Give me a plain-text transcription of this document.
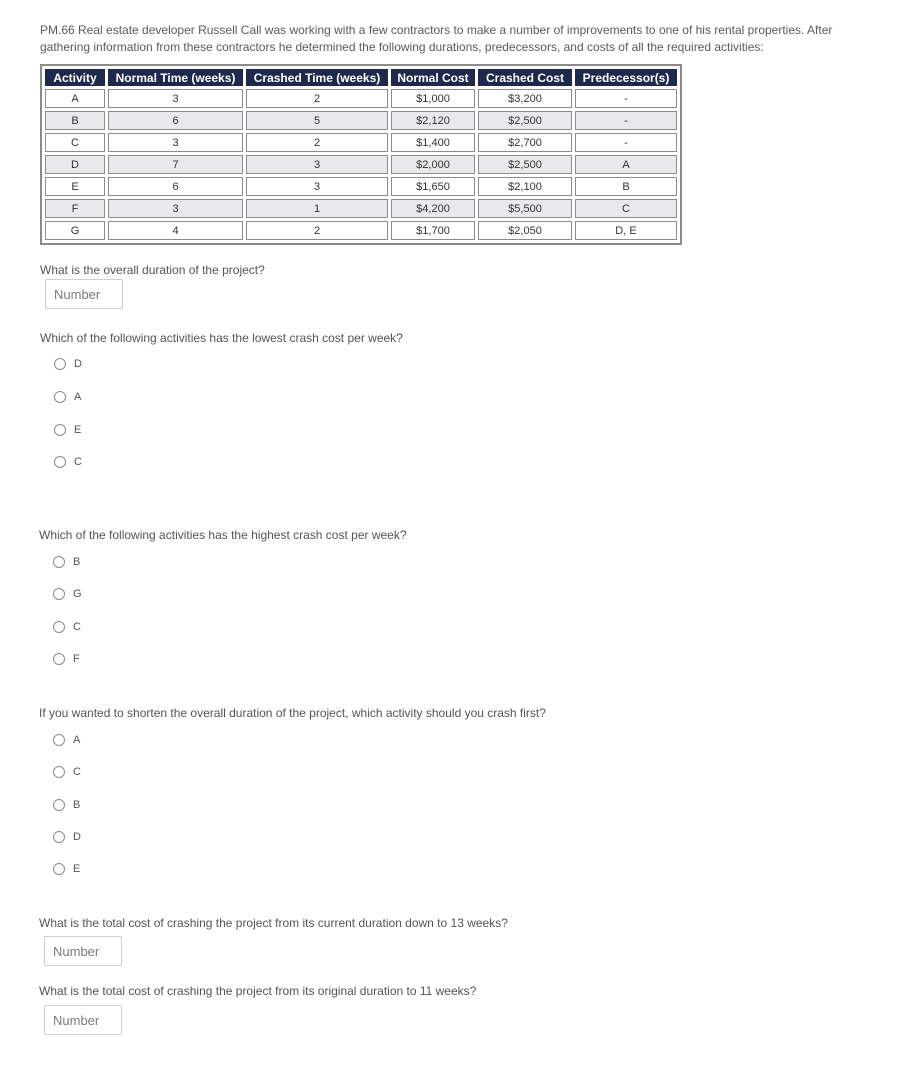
PM.66 Real estate developer Russell Call was working with a few contractors to make a number of improvements to one of his rental properties. After gathering information from these contractors he determined the following durations, predecessors, and costs of all the required activities:
Activity	Normal Time (weeks)	Crashed Time (weeks)	Normal Cost	Crashed Cost	Predecessor(s)
A	3	2	$1,000	$3,200	-
B	6	5	$2,120	$2,500	-
C	3	2	$1,400	$2,700	-
D	7	3	$2,000	$2,500	A
E	6	3	$1,650	$2,100	B
F	3	1	$4,200	$5,500	C
G	4	2	$1,700	$2,050	D, E
What is the overall duration of the project?
Number
Which of the following activities has the lowest crash cost per week?
D
A
E
C
Which of the following activities has the highest crash cost per week?
B
G
C
F
If you wanted to shorten the overall duration of the project, which activity should you crash first?
A
C
B
D
E
What is the total cost of crashing the project from its current duration down to 13 weeks?
Number
What is the total cost of crashing the project from its original duration to 11 weeks?
Number
